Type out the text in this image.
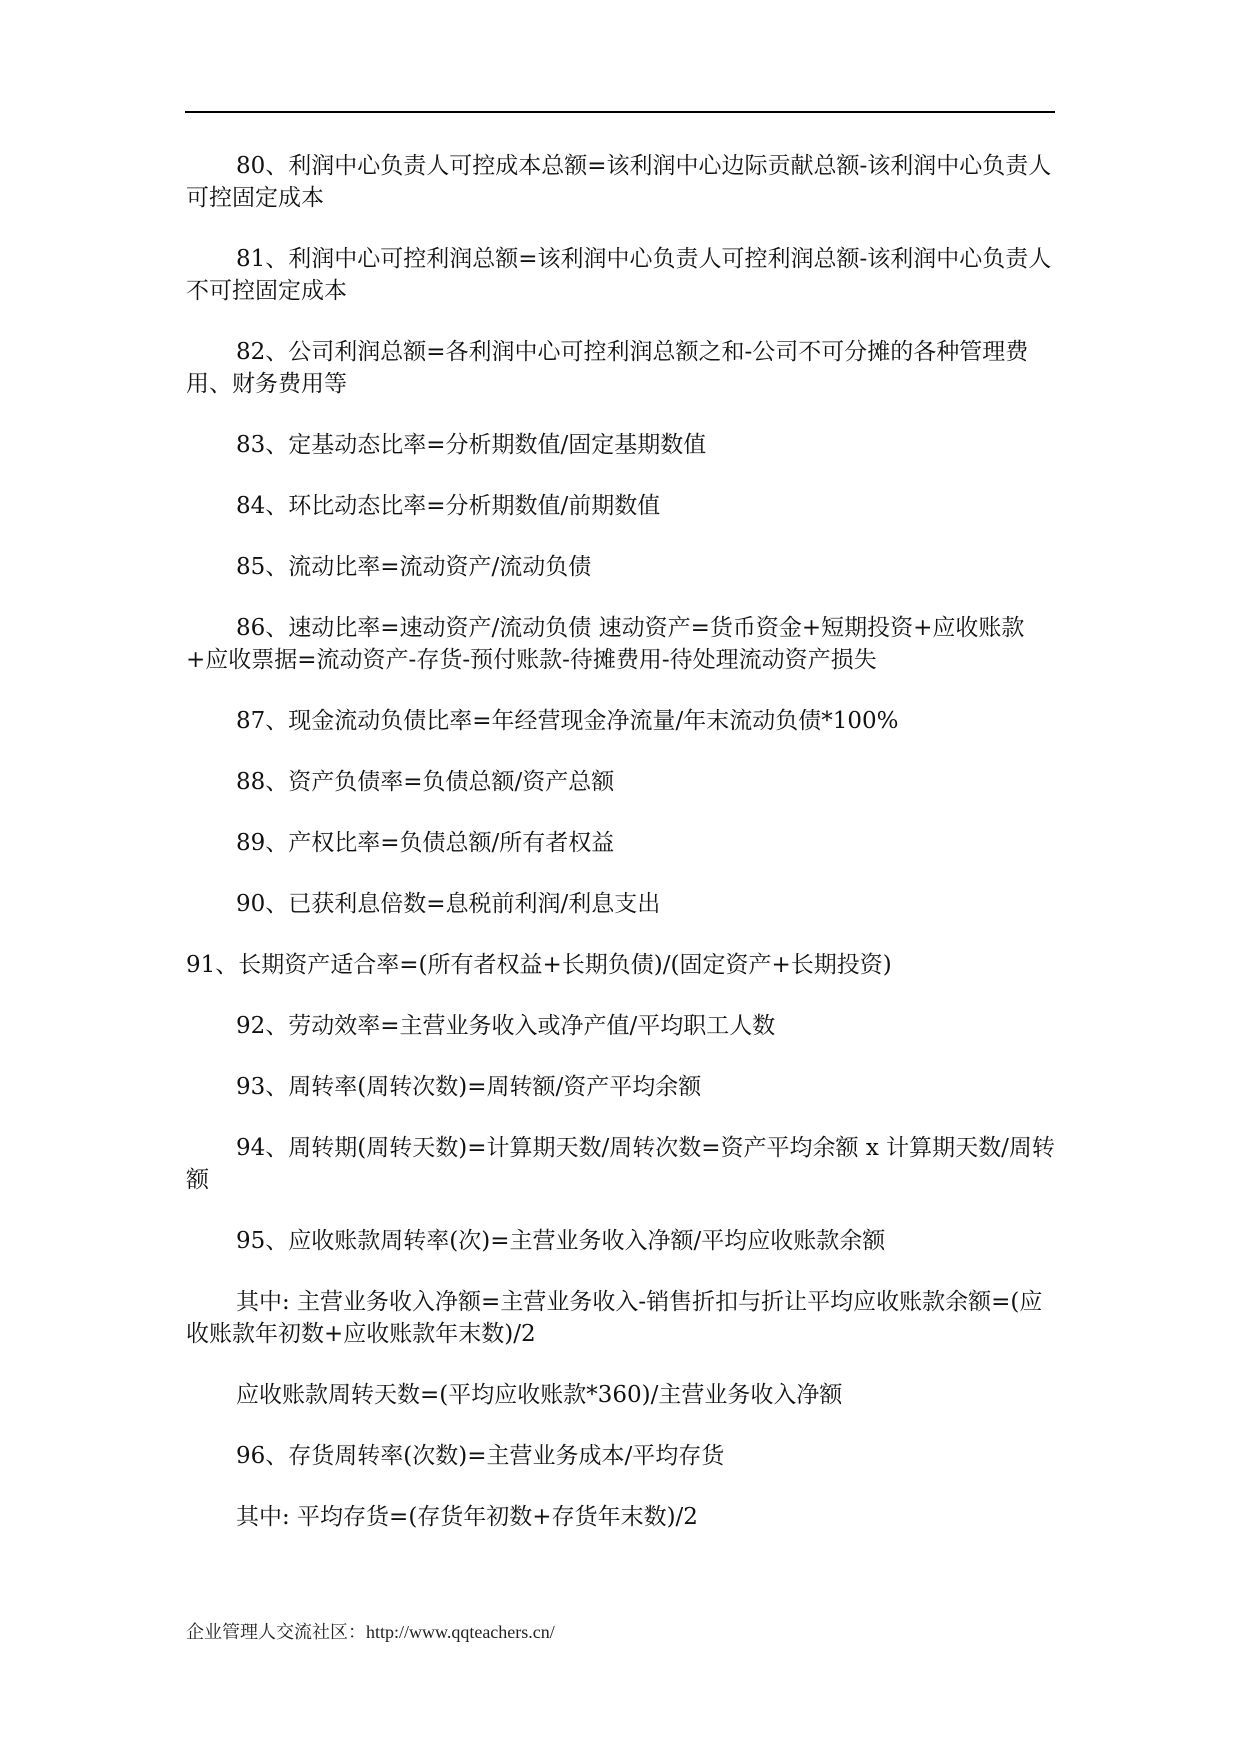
80、利润中心负责人可控成本总额=该利润中心边际贡献总额-该利润中心负责人可控固定成本

81、利润中心可控利润总额=该利润中心负责人可控利润总额-该利润中心负责人不可控固定成本

82、公司利润总额=各利润中心可控利润总额之和-公司不可分摊的各种管理费用、财务费用等

83、定基动态比率=分析期数值/固定基期数值

84、环比动态比率=分析期数值/前期数值

85、流动比率=流动资产/流动负债

86、速动比率=速动资产/流动负债 速动资产=货币资金+短期投资+应收账款+应收票据=流动资产-存货-预付账款-待摊费用-待处理流动资产损失

87、现金流动负债比率=年经营现金净流量/年末流动负债*100%

88、资产负债率=负债总额/资产总额

89、产权比率=负债总额/所有者权益

90、已获利息倍数=息税前利润/利息支出

91、长期资产适合率=(所有者权益+长期负债)/(固定资产+长期投资)

92、劳动效率=主营业务收入或净产值/平均职工人数

93、周转率(周转次数)=周转额/资产平均余额

94、周转期(周转天数)=计算期天数/周转次数=资产平均余额 x 计算期天数/周转额

95、应收账款周转率(次)=主营业务收入净额/平均应收账款余额

其中: 主营业务收入净额=主营业务收入-销售折扣与折让平均应收账款余额=(应收账款年初数+应收账款年末数)/2

应收账款周转天数=(平均应收账款*360)/主营业务收入净额

96、存货周转率(次数)=主营业务成本/平均存货

其中: 平均存货=(存货年初数+存货年末数)/2

企业管理人交流社区：http://www.qqteachers.cn/
